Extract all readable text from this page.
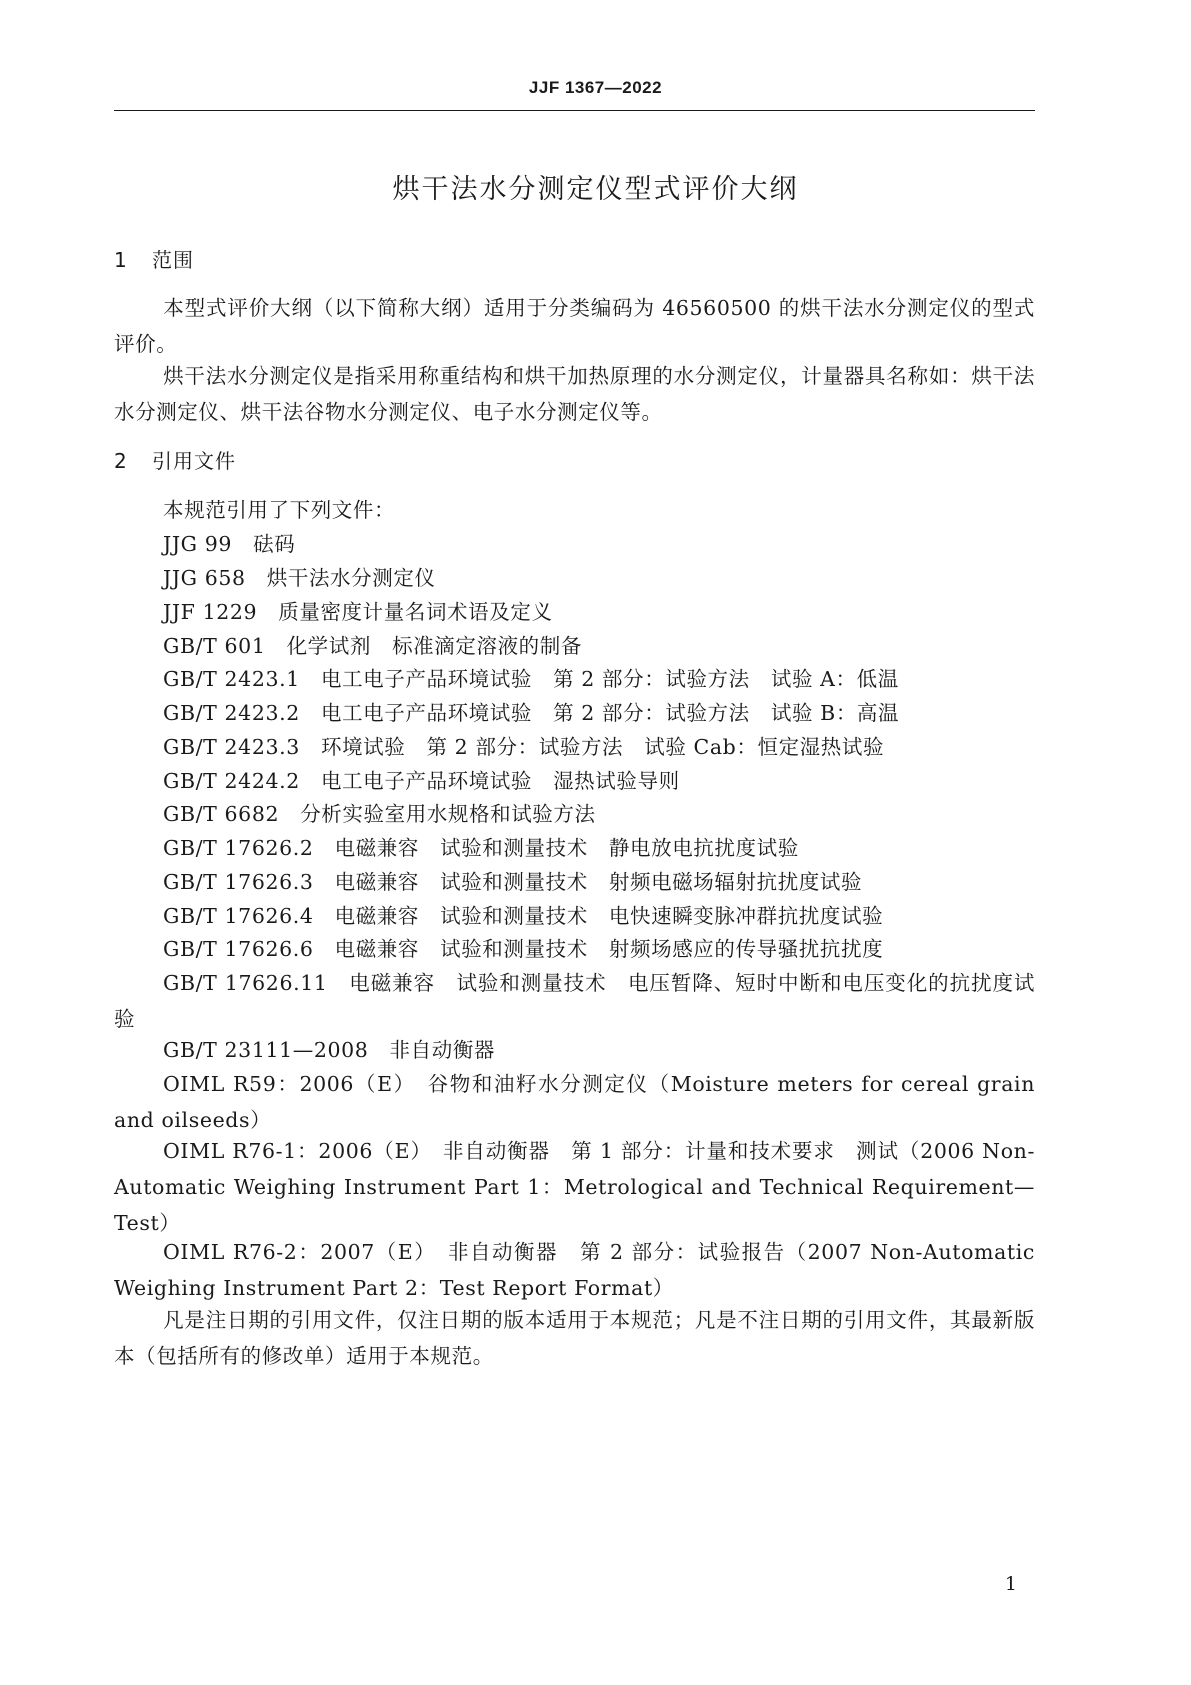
JJF 1367—2022
烘干法水分测定仪型式评价大纲
1 范围
本型式评价大纲（以下简称大纲）适用于分类编码为 46560500 的烘干法水分测定仪的型式评价。
烘干法水分测定仪是指采用称重结构和烘干加热原理的水分测定仪，计量器具名称如：烘干法水分测定仪、烘干法谷物水分测定仪、电子水分测定仪等。
2 引用文件
本规范引用了下列文件：
JJG 99　砝码
JJG 658　烘干法水分测定仪
JJF 1229　质量密度计量名词术语及定义
GB/T 601　化学试剂　标准滴定溶液的制备
GB/T 2423.1　电工电子产品环境试验　第 2 部分：试验方法　试验 A：低温
GB/T 2423.2　电工电子产品环境试验　第 2 部分：试验方法　试验 B：高温
GB/T 2423.3　环境试验　第 2 部分：试验方法　试验 Cab：恒定湿热试验
GB/T 2424.2　电工电子产品环境试验　湿热试验导则
GB/T 6682　分析实验室用水规格和试验方法
GB/T 17626.2　电磁兼容　试验和测量技术　静电放电抗扰度试验
GB/T 17626.3　电磁兼容　试验和测量技术　射频电磁场辐射抗扰度试验
GB/T 17626.4　电磁兼容　试验和测量技术　电快速瞬变脉冲群抗扰度试验
GB/T 17626.6　电磁兼容　试验和测量技术　射频场感应的传导骚扰抗扰度
GB/T 17626.11　电磁兼容　试验和测量技术　电压暂降、短时中断和电压变化的抗扰度试验
GB/T 23111—2008　非自动衡器
OIML R59：2006（E）　谷物和油籽水分测定仪（Moisture meters for cereal grain and oilseeds）
OIML R76-1：2006（E）　非自动衡器　第 1 部分：计量和技术要求　测试（2006 Non-Automatic Weighing Instrument Part 1：Metrological and Technical Requirement—Test）
OIML R76-2：2007（E）　非自动衡器　第 2 部分：试验报告（2007 Non-Automatic Weighing Instrument Part 2：Test Report Format）
凡是注日期的引用文件，仅注日期的版本适用于本规范；凡是不注日期的引用文件，其最新版本（包括所有的修改单）适用于本规范。
1
